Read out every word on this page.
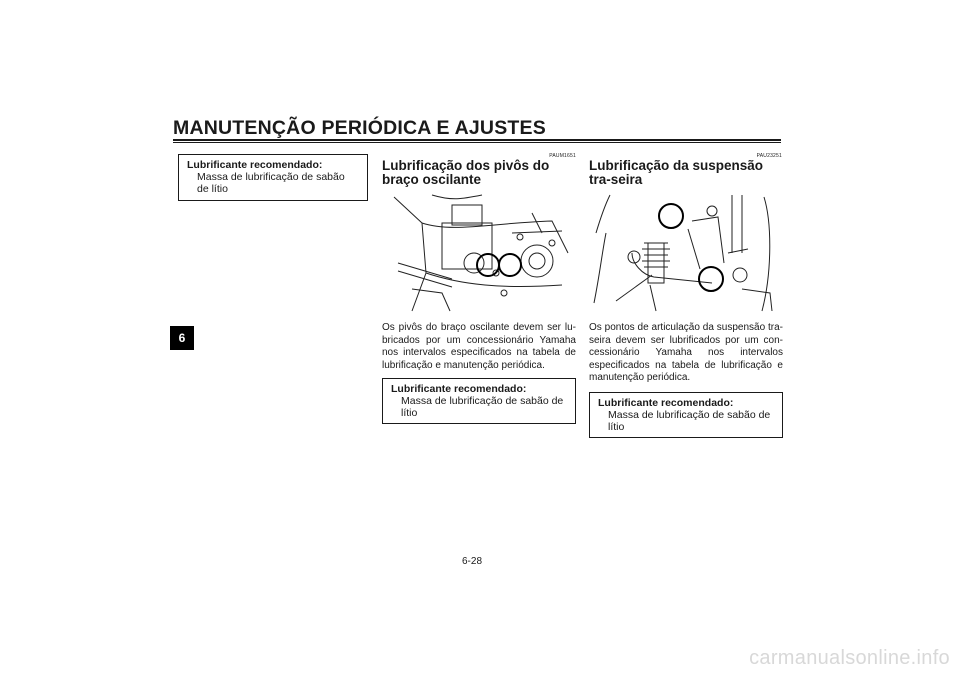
MANUTENÇÃO PERIÓDICA E AJUSTES
6
Lubrificante recomendado:
Massa de lubrificação de sabão de lítio
PAUM1651
Lubrificação dos pivôs do braço oscilante
Os pivôs do braço oscilante devem ser lu-bricados por um concessionário Yamaha nos intervalos especificados na tabela de lubrificação e manutenção periódica.
Lubrificante recomendado:
Massa de lubrificação de sabão de lítio
PAU23251
Lubrificação da suspensão tra-seira
Os pontos de articulação da suspensão tra-seira devem ser lubrificados por um con-cessionário Yamaha nos intervalos especificados na tabela de lubrificação e manutenção periódica.
Lubrificante recomendado:
Massa de lubrificação de sabão de lítio
6-28
carmanualsonline.info
